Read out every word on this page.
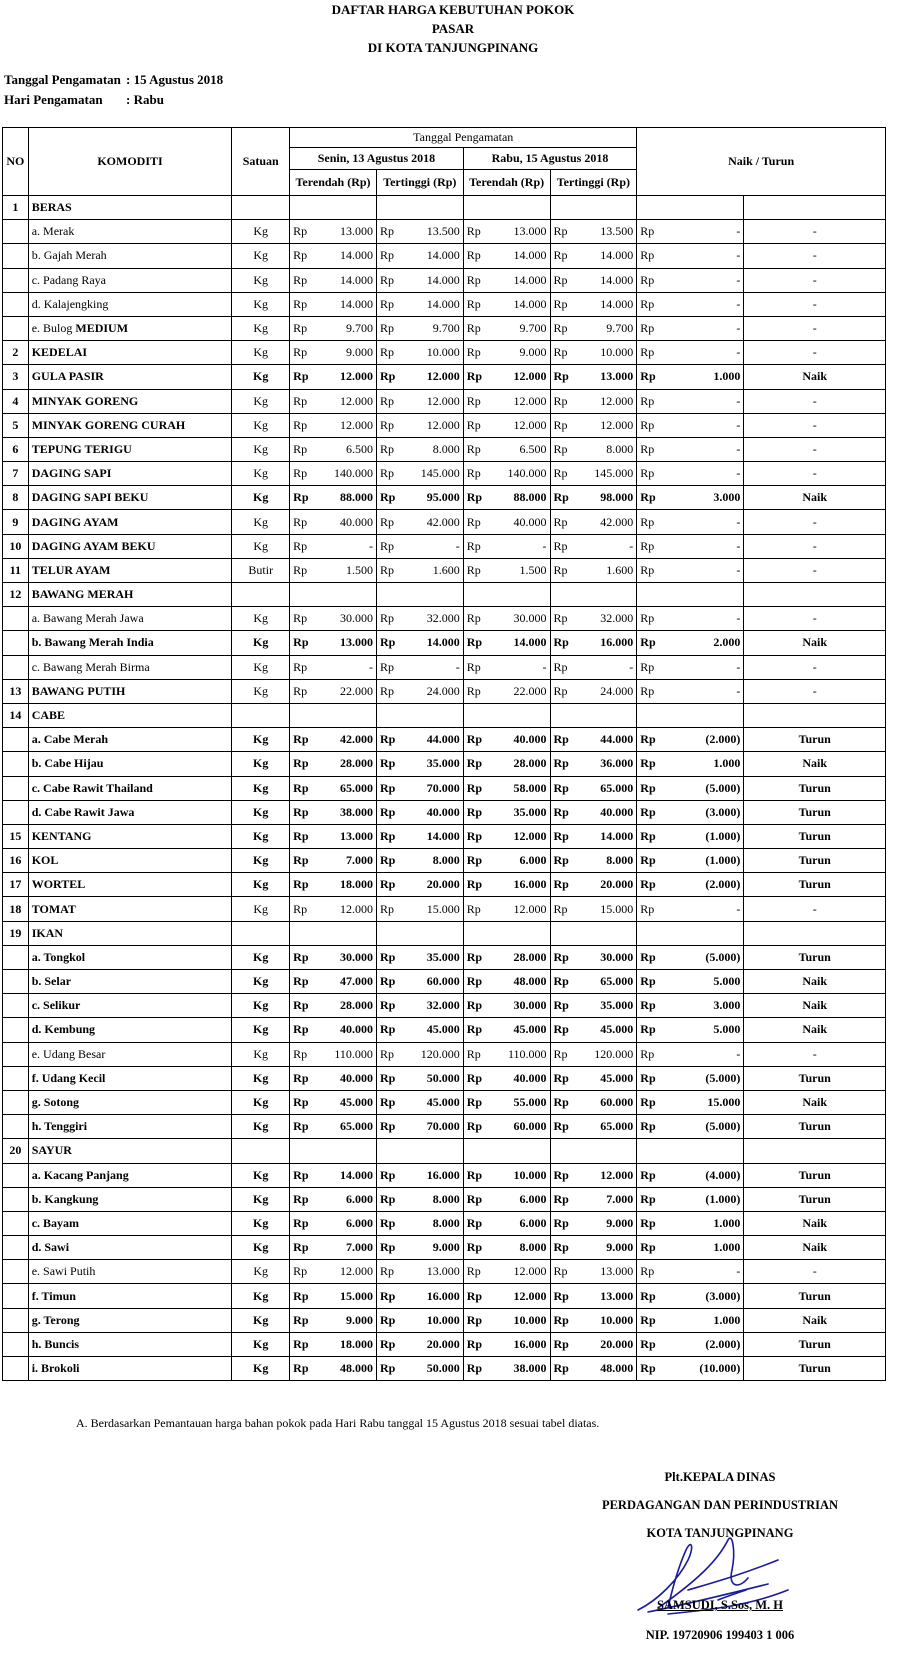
DAFTAR HARGA KEBUTUHAN POKOK
PASAR
DI KOTA TANJUNGPINANG
Tanggal Pengamatan : 15 Agustus 2018
Hari Pengamatan : Rabu
NO	KOMODITI	Satuan	Tanggal Pengamatan								Naik / Turun		
			Senin, 13 Agustus 2018				Rabu, 15 Agustus 2018						
			Terendah (Rp)		Tertinggi (Rp)		Terendah (Rp)		Tertinggi (Rp)				
1	BERAS												
	a. Merak	Kg	Rp	13.000	Rp	13.500	Rp	13.000	Rp	13.500	Rp	-	-
	b. Gajah Merah	Kg	Rp	14.000	Rp	14.000	Rp	14.000	Rp	14.000	Rp	-	-
	c. Padang Raya	Kg	Rp	14.000	Rp	14.000	Rp	14.000	Rp	14.000	Rp	-	-
	d. Kalajengking	Kg	Rp	14.000	Rp	14.000	Rp	14.000	Rp	14.000	Rp	-	-
	e. Bulog MEDIUM	Kg	Rp	9.700	Rp	9.700	Rp	9.700	Rp	9.700	Rp	-	-
2	KEDELAI	Kg	Rp	9.000	Rp	10.000	Rp	9.000	Rp	10.000	Rp	-	-
3	GULA PASIR	Kg	Rp	12.000	Rp	12.000	Rp	12.000	Rp	13.000	Rp	1.000	Naik
4	MINYAK GORENG	Kg	Rp	12.000	Rp	12.000	Rp	12.000	Rp	12.000	Rp	-	-
5	MINYAK GORENG CURAH	Kg	Rp	12.000	Rp	12.000	Rp	12.000	Rp	12.000	Rp	-	-
6	TEPUNG TERIGU	Kg	Rp	6.500	Rp	8.000	Rp	6.500	Rp	8.000	Rp	-	-
7	DAGING SAPI	Kg	Rp	140.000	Rp	145.000	Rp	140.000	Rp	145.000	Rp	-	-
8	DAGING SAPI BEKU	Kg	Rp	88.000	Rp	95.000	Rp	88.000	Rp	98.000	Rp	3.000	Naik
9	DAGING AYAM	Kg	Rp	40.000	Rp	42.000	Rp	40.000	Rp	42.000	Rp	-	-
10	DAGING AYAM BEKU	Kg	Rp	-	Rp	-	Rp	-	Rp	-	Rp	-	-
11	TELUR AYAM	Butir	Rp	1.500	Rp	1.600	Rp	1.500	Rp	1.600	Rp	-	-
12	BAWANG MERAH												
	a. Bawang Merah Jawa	Kg	Rp	30.000	Rp	32.000	Rp	30.000	Rp	32.000	Rp	-	-
	b. Bawang Merah India	Kg	Rp	13.000	Rp	14.000	Rp	14.000	Rp	16.000	Rp	2.000	Naik
	c. Bawang Merah Birma	Kg	Rp	-	Rp	-	Rp	-	Rp	-	Rp	-	-
13	BAWANG PUTIH	Kg	Rp	22.000	Rp	24.000	Rp	22.000	Rp	24.000	Rp	-	-
14	CABE												
	a. Cabe Merah	Kg	Rp	42.000	Rp	44.000	Rp	40.000	Rp	44.000	Rp	(2.000)	Turun
	b. Cabe Hijau	Kg	Rp	28.000	Rp	35.000	Rp	28.000	Rp	36.000	Rp	1.000	Naik
	c. Cabe Rawit Thailand	Kg	Rp	65.000	Rp	70.000	Rp	58.000	Rp	65.000	Rp	(5.000)	Turun
	d. Cabe Rawit Jawa	Kg	Rp	38.000	Rp	40.000	Rp	35.000	Rp	40.000	Rp	(3.000)	Turun
15	KENTANG	Kg	Rp	13.000	Rp	14.000	Rp	12.000	Rp	14.000	Rp	(1.000)	Turun
16	KOL	Kg	Rp	7.000	Rp	8.000	Rp	6.000	Rp	8.000	Rp	(1.000)	Turun
17	WORTEL	Kg	Rp	18.000	Rp	20.000	Rp	16.000	Rp	20.000	Rp	(2.000)	Turun
18	TOMAT	Kg	Rp	12.000	Rp	15.000	Rp	12.000	Rp	15.000	Rp	-	-
19	IKAN												
	a. Tongkol	Kg	Rp	30.000	Rp	35.000	Rp	28.000	Rp	30.000	Rp	(5.000)	Turun
	b. Selar	Kg	Rp	47.000	Rp	60.000	Rp	48.000	Rp	65.000	Rp	5.000	Naik
	c. Selikur	Kg	Rp	28.000	Rp	32.000	Rp	30.000	Rp	35.000	Rp	3.000	Naik
	d. Kembung	Kg	Rp	40.000	Rp	45.000	Rp	45.000	Rp	45.000	Rp	5.000	Naik
	e. Udang Besar	Kg	Rp	110.000	Rp	120.000	Rp	110.000	Rp	120.000	Rp	-	-
	f. Udang Kecil	Kg	Rp	40.000	Rp	50.000	Rp	40.000	Rp	45.000	Rp	(5.000)	Turun
	g. Sotong	Kg	Rp	45.000	Rp	45.000	Rp	55.000	Rp	60.000	Rp	15.000	Naik
	h. Tenggiri	Kg	Rp	65.000	Rp	70.000	Rp	60.000	Rp	65.000	Rp	(5.000)	Turun
20	SAYUR												
	a. Kacang Panjang	Kg	Rp	14.000	Rp	16.000	Rp	10.000	Rp	12.000	Rp	(4.000)	Turun
	b. Kangkung	Kg	Rp	6.000	Rp	8.000	Rp	6.000	Rp	7.000	Rp	(1.000)	Turun
	c. Bayam	Kg	Rp	6.000	Rp	8.000	Rp	6.000	Rp	9.000	Rp	1.000	Naik
	d. Sawi	Kg	Rp	7.000	Rp	9.000	Rp	8.000	Rp	9.000	Rp	1.000	Naik
	e. Sawi Putih	Kg	Rp	12.000	Rp	13.000	Rp	12.000	Rp	13.000	Rp	-	-
	f. Timun	Kg	Rp	15.000	Rp	16.000	Rp	12.000	Rp	13.000	Rp	(3.000)	Turun
	g. Terong	Kg	Rp	9.000	Rp	10.000	Rp	10.000	Rp	10.000	Rp	1.000	Naik
	h. Buncis	Kg	Rp	18.000	Rp	20.000	Rp	16.000	Rp	20.000	Rp	(2.000)	Turun
	i. Brokoli	Kg	Rp	48.000	Rp	50.000	Rp	38.000	Rp	48.000	Rp	(10.000)	Turun
A. Berdasarkan Pemantauan harga bahan pokok pada Hari Rabu tanggal 15 Agustus 2018 sesuai tabel diatas.
Plt.KEPALA DINAS
PERDAGANGAN DAN PERINDUSTRIAN
KOTA TANJUNGPINANG
SAMSUDI, S.Sos, M. H
NIP. 19720906 199403 1 006
